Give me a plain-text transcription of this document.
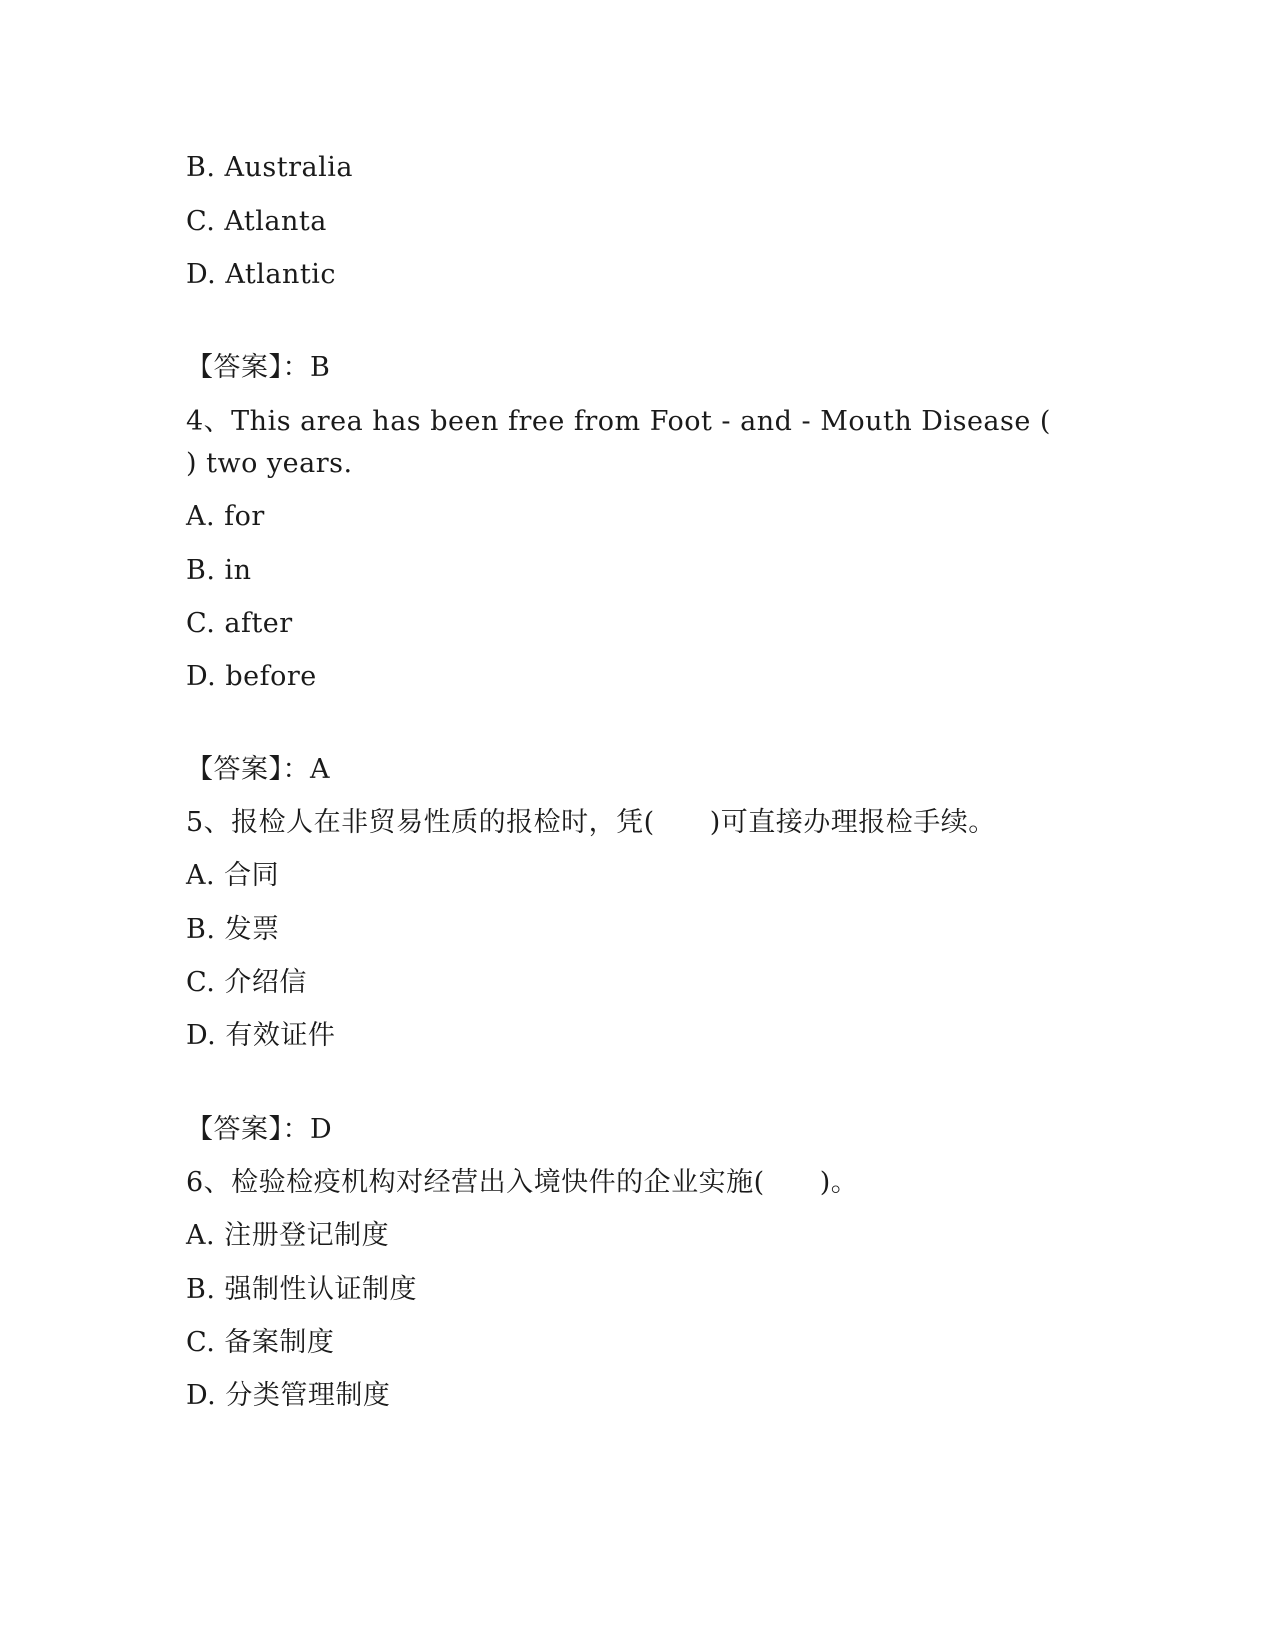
B. Australia
C. Atlanta
D. Atlantic
【答案】：B
4、This area has been free from Foot - and - Mouth Disease (
) two years.
A. for
B. in
C. after
D. before
【答案】：A
5、报检人在非贸易性质的报检时，凭(　　)可直接办理报检手续。
A. 合同
B. 发票
C. 介绍信
D. 有效证件
【答案】：D
6、检验检疫机构对经营出入境快件的企业实施(　　)。
A. 注册登记制度
B. 强制性认证制度
C. 备案制度
D. 分类管理制度
